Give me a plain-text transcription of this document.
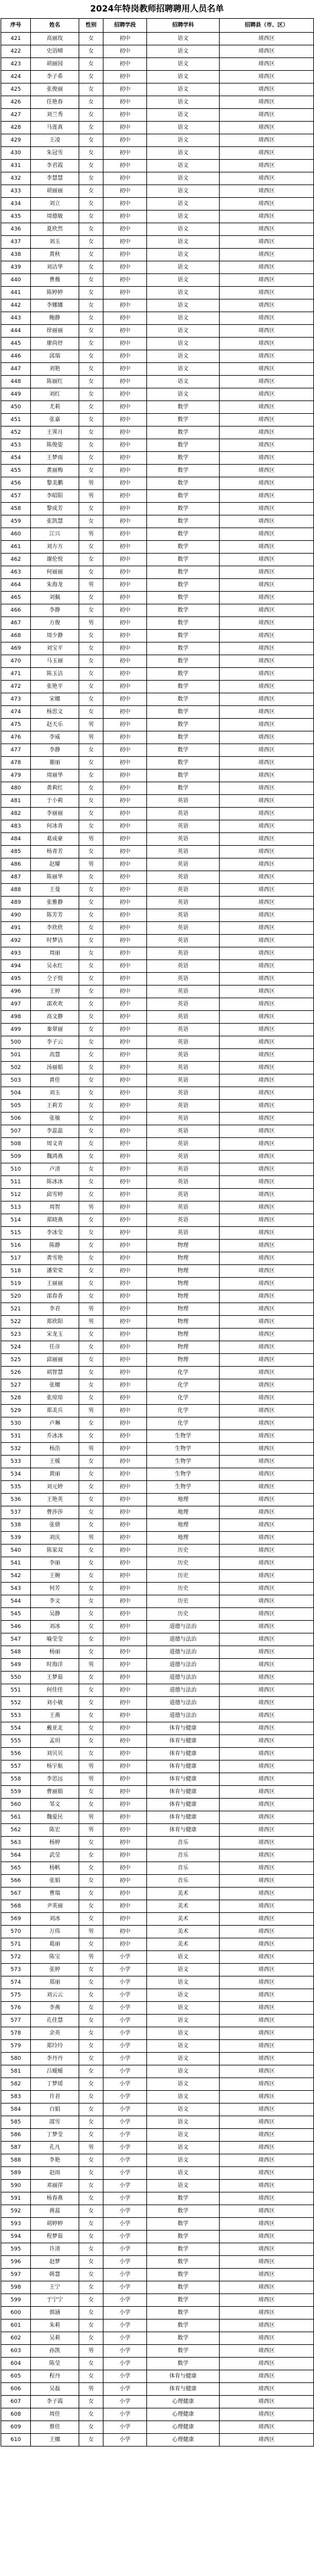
2024年特岗教师招聘聘用人员名单
序号	姓名	性别	招聘学段	招聘学科	招聘县（市、区）
421	高丽玫	女	初中	语文	靖西区
422	史语晴	女	初中	语文	靖西区
423	胡丽园	女	初中	语文	靖西区
424	李子希	女	初中	语文	靖西区
425	张俊丽	女	初中	语文	靖西区
426	任艳春	女	初中	语文	靖西区
427	刘兰秀	女	初中	语文	靖西区
428	马莲真	女	初中	语文	靖西区
429	王凌	女	初中	语文	靖西区
430	朱冠雪	女	初中	语文	靖西区
431	李君霞	女	初中	语文	靖西区
432	李慧慧	女	初中	语文	靖西区
433	胡丽丽	女	初中	语文	靖西区
434	刘立	女	初中	语文	靖西区
435	周德敏	女	初中	语文	靖西区
436	夏欣然	女	初中	语文	靖西区
437	刘玉	女	初中	语文	靖西区
438	黄秋	女	初中	语文	靖西区
439	刘洁华	女	初中	语文	靖西区
440	曹薇	女	初中	语文	靖西区
441	陈婷婷	女	初中	语文	靖西区
442	李娜娜	女	初中	语文	靖西区
443	鲍静	女	初中	语文	靖西区
444	徐丽丽	女	初中	语文	靖西区
445	廖尚妤	女	初中	语文	靖西区
446	邱瑞	女	初中	语文	靖西区
447	刘艳	女	初中	语文	靖西区
448	陈丽红	女	初中	语文	靖西区
449	刘红	女	初中	语文	靖西区
450	尤莉	女	初中	数学	靖西区
451	张嘉	女	初中	数学	靖西区
452	王霁月	女	初中	数学	靖西区
453	陈俊姿	女	初中	数学	靖西区
454	王梦雨	女	初中	数学	靖西区
455	黄丽梅	女	初中	数学	靖西区
456	黎美鹏	男	初中	数学	靖西区
457	李昭阳	男	初中	数学	靖西区
458	黎成芳	女	初中	数学	靖西区
459	张凯慧	女	初中	数学	靖西区
460	江兴	男	初中	数学	靖西区
461	刘方方	女	初中	数学	靖西区
462	谢伦悦	女	初中	数学	靖西区
463	何丽丽	女	初中	数学	靖西区
464	朱海龙	男	初中	数学	靖西区
465	刘佩	女	初中	数学	靖西区
466	李静	女	初中	数学	靖西区
467	方俊	男	初中	数学	靖西区
468	周少静	女	初中	数学	靖西区
469	刘宝平	女	初中	数学	靖西区
470	马玉丽	女	初中	数学	靖西区
471	陈玉洁	女	初中	数学	靖西区
472	张艳平	女	初中	数学	靖西区
473	宋娜	女	初中	数学	靖西区
474	杨思文	女	初中	数学	靖西区
475	赵天乐	男	初中	数学	靖西区
476	李威	男	初中	数学	靖西区
477	李静	女	初中	数学	靖西区
478	谢丽	女	初中	数学	靖西区
479	周丽华	女	初中	数学	靖西区
480	黄莉红	女	初中	数学	靖西区
481	于小莉	女	初中	英语	靖西区
482	李丽丽	女	初中	英语	靖西区
483	何冰青	女	初中	英语	靖西区
484	葛成豪	男	初中	英语	靖西区
485	杨青芳	女	初中	英语	靖西区
486	赵耀	男	初中	英语	靖西区
487	陈丽华	女	初中	英语	靖西区
488	王曼	女	初中	英语	靖西区
489	张雅静	女	初中	英语	靖西区
490	陈芳芳	女	初中	英语	靖西区
491	李欣欣	女	初中	英语	靖西区
492	时梦洁	女	初中	英语	靖西区
493	周丽	女	初中	英语	靖西区
494	吴永红	女	初中	英语	靖西区
495	仝子悦	女	初中	英语	靖西区
496	王婷	女	初中	英语	靖西区
497	邵欢欢	女	初中	英语	靖西区
498	高文静	女	初中	英语	靖西区
499	秦翠丽	女	初中	英语	靖西区
500	李子云	女	初中	英语	靖西区
501	高慧	女	初中	英语	靖西区
502	汤丽娟	女	初中	英语	靖西区
503	黄佳	女	初中	英语	靖西区
504	刘玉	女	初中	英语	靖西区
505	王莉芳	女	初中	英语	靖西区
506	张敏	女	初中	英语	靖西区
507	李蕊蕊	女	初中	英语	靖西区
508	周文青	女	初中	英语	靖西区
509	魏鸿燕	女	初中	英语	靖西区
510	卢清	女	初中	英语	靖西区
511	陈冰冰	女	初中	英语	靖西区
512	邱雪婷	女	初中	英语	靖西区
513	周智	男	初中	英语	靖西区
514	郑晓燕	女	初中	英语	靖西区
515	李冰莹	女	初中	英语	靖西区
516	陈静	女	初中	物理	靖西区
517	黄雪艳	女	初中	物理	靖西区
518	潘荣荣	女	初中	物理	靖西区
519	王丽丽	女	初中	物理	靖西区
520	邵春香	女	初中	物理	靖西区
521	李君	男	初中	物理	靖西区
522	郑欣阳	男	初中	物理	靖西区
523	宋龙玉	女	初中	物理	靖西区
524	任彦	女	初中	物理	靖西区
525	邱丽丽	女	初中	物理	靖西区
526	胡智慧	女	初中	化学	靖西区
527	张娜	女	初中	化学	靖西区
528	张琼琼	女	初中	化学	靖西区
529	郑美兵	男	初中	化学	靖西区
530	卢琳	女	初中	化学	靖西区
531	乔冰冰	女	初中	生物学	靖西区
532	杨浩	男	初中	生物学	靖西区
533	王媛	女	初中	生物学	靖西区
534	黄丽	女	初中	生物学	靖西区
535	刘元婷	女	初中	生物学	靖西区
536	王艳英	女	初中	地理	靖西区
537	曹莎莎	女	初中	地理	靖西区
538	张倩	女	初中	地理	靖西区
539	刘庆	男	初中	地理	靖西区
540	陈家双	女	初中	历史	靖西区
541	李丽	女	初中	历史	靖西区
542	王婉	女	初中	历史	靖西区
543	何芳	女	初中	历史	靖西区
544	李文	女	初中	历史	靖西区
545	吴静	女	初中	历史	靖西区
546	刘冰	女	初中	道德与法治	靖西区
547	喻莹莹	女	初中	道德与法治	靖西区
548	杨丽	女	初中	道德与法治	靖西区
549	时海洋	男	初中	道德与法治	靖西区
550	王梦茹	女	初中	道德与法治	靖西区
551	何佳佳	女	初中	道德与法治	靖西区
552	刘小敏	女	初中	道德与法治	靖西区
553	王燕	女	初中	道德与法治	靖西区
554	戴亚北	女	初中	体育与健康	靖西区
555	孟玥	女	初中	体育与健康	靖西区
556	刘贝贝	女	初中	体育与健康	靖西区
557	杨宇航	男	初中	体育与健康	靖西区
558	李思远	男	初中	体育与健康	靖西区
559	曹丽娟	女	初中	体育与健康	靖西区
560	邹文	女	初中	体育与健康	靖西区
561	魏爱民	男	初中	体育与健康	靖西区
562	陈宏	男	初中	体育与健康	靖西区
563	杨婷	女	初中	音乐	靖西区
564	武莹	女	初中	音乐	靖西区
565	杨帆	女	初中	音乐	靖西区
566	张娟	女	初中	音乐	靖西区
567	曹瑞	女	初中	美术	靖西区
568	尹英丽	女	初中	美术	靖西区
569	刘冰	女	初中	美术	靖西区
570	万伟	男	初中	美术	靖西区
571	葛丽	女	初中	美术	靖西区
572	陈宝	男	小学	语文	靖西区
573	张婷	女	小学	语文	靖西区
574	郑丽	女	小学	语文	靖西区
575	刘云云	女	小学	语文	靖西区
576	李燕	女	小学	语文	靖西区
577	孔佳慧	女	小学	语文	靖西区
578	余英	女	小学	语文	靖西区
579	郑玲玲	女	小学	语文	靖西区
580	李丹丹	女	小学	语文	靖西区
581	吕嫒嫒	女	小学	语文	靖西区
582	丁梦瑶	女	小学	语文	靖西区
583	许君	女	小学	语文	靖西区
584	白娟	女	小学	语文	靖西区
585	邵雪	女	小学	语文	靖西区
586	丁梦莹	女	小学	语文	靖西区
587	孔凡	男	小学	语文	靖西区
588	李艳	女	小学	语文	靖西区
589	赵雨	女	小学	语文	靖西区
590	邓丽萍	女	小学	语文	靖西区
591	杨春燕	女	小学	数学	靖西区
592	蒋蕊	女	小学	数学	靖西区
593	胡婷婷	女	小学	数学	靖西区
594	程梦茹	女	小学	数学	靖西区
595	许清	女	小学	数学	靖西区
596	赵梦	女	小学	数学	靖西区
597	韩慧	女	小学	数学	靖西区
598	王宁	女	小学	数学	靖西区
599	于宁宁	女	小学	数学	靖西区
600	郭涵	女	小学	数学	靖西区
601	朱莉	女	小学	数学	靖西区
602	吴莉	女	小学	数学	靖西区
603	孙凯	男	小学	数学	靖西区
604	陈莹	女	小学	数学	靖西区
605	程丹	女	小学	体育与健康	靖西区
606	吴磊	男	小学	体育与健康	靖西区
607	李子霞	女	小学	心理健康	靖西区
608	周佳	女	小学	心理健康	靖西区
609	蔡佳	女	小学	心理健康	靖西区
610	王娜	女	小学	心理健康	靖西区
